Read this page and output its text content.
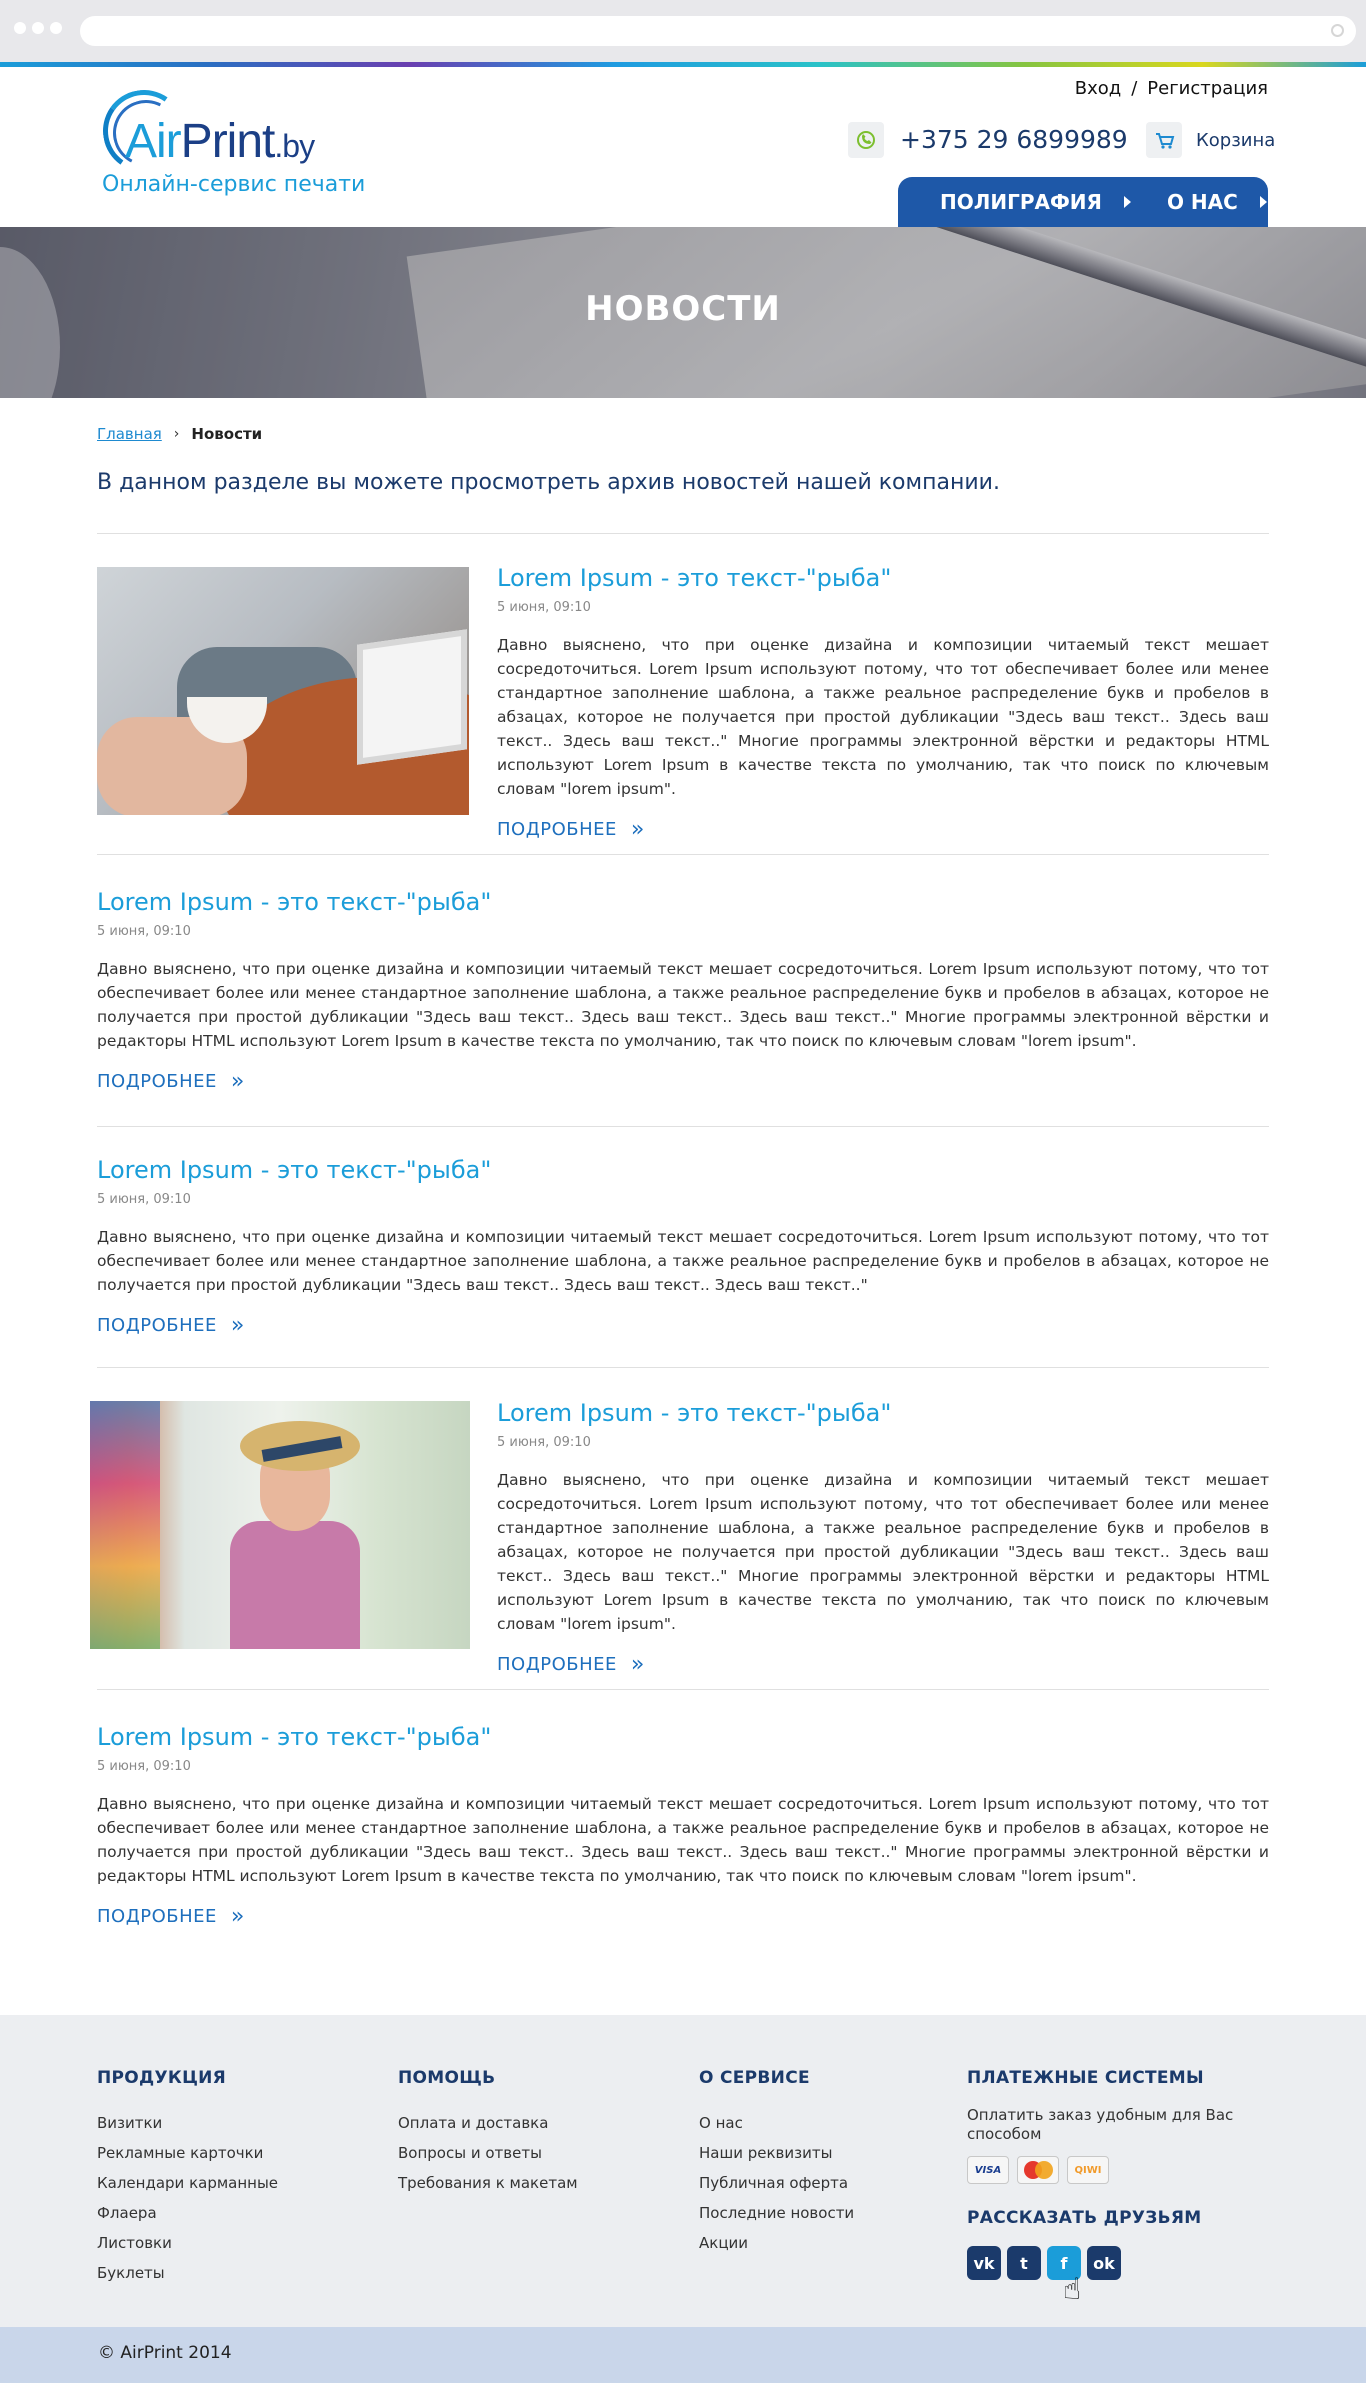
AirPrint.by
Онлайн-сервис печати
Вход / Регистрация
+375 29 6899989	Корзина
ПОЛИГРАФИЯ	О НАС
НОВОСТИ
Главная › Новости
В данном разделе вы можете просмотреть архив новостей нашей компании.
Lorem Ipsum - это текст-"рыба"
5 июня, 09:10
Давно выяснено, что при оценке дизайна и композиции читаемый текст мешает сосредоточиться. Lorem Ipsum используют потому, что тот обеспечивает более или менее стандартное заполнение шаблона, а также реальное распределение букв и пробелов в абзацах, которое не получается при простой дубликации "Здесь ваш текст.. Здесь ваш текст.. Здесь ваш текст.." Многие программы электронной вёрстки и редакторы HTML используют Lorem Ipsum в качестве текста по умолчанию, так что поиск по ключевым словам "lorem ipsum".
ПОДРОБНЕЕ »
Lorem Ipsum - это текст-"рыба"
5 июня, 09:10
Давно выяснено, что при оценке дизайна и композиции читаемый текст мешает сосредоточиться. Lorem Ipsum используют потому, что тот обеспечивает более или менее стандартное заполнение шаблона, а также реальное распределение букв и пробелов в абзацах, которое не получается при простой дубликации "Здесь ваш текст.. Здесь ваш текст.. Здесь ваш текст.." Многие программы электронной вёрстки и редакторы HTML используют Lorem Ipsum в качестве текста по умолчанию, так что поиск по ключевым словам "lorem ipsum".
ПОДРОБНЕЕ »
Lorem Ipsum - это текст-"рыба"
5 июня, 09:10
Давно выяснено, что при оценке дизайна и композиции читаемый текст мешает сосредоточиться. Lorem Ipsum используют потому, что тот обеспечивает более или менее стандартное заполнение шаблона, а также реальное распределение букв и пробелов в абзацах, которое не получается при простой дубликации "Здесь ваш текст.. Здесь ваш текст.. Здесь ваш текст.."
ПОДРОБНЕЕ »
Lorem Ipsum - это текст-"рыба"
5 июня, 09:10
Давно выяснено, что при оценке дизайна и композиции читаемый текст мешает сосредоточиться. Lorem Ipsum используют потому, что тот обеспечивает более или менее стандартное заполнение шаблона, а также реальное распределение букв и пробелов в абзацах, которое не получается при простой дубликации "Здесь ваш текст.. Здесь ваш текст.. Здесь ваш текст.." Многие программы электронной вёрстки и редакторы HTML используют Lorem Ipsum в качестве текста по умолчанию, так что поиск по ключевым словам "lorem ipsum".
ПОДРОБНЕЕ »
Lorem Ipsum - это текст-"рыба"
5 июня, 09:10
Давно выяснено, что при оценке дизайна и композиции читаемый текст мешает сосредоточиться. Lorem Ipsum используют потому, что тот обеспечивает более или менее стандартное заполнение шаблона, а также реальное распределение букв и пробелов в абзацах, которое не получается при простой дубликации "Здесь ваш текст.. Здесь ваш текст.. Здесь ваш текст.." Многие программы электронной вёрстки и редакторы HTML используют Lorem Ipsum в качестве текста по умолчанию, так что поиск по ключевым словам "lorem ipsum".
ПОДРОБНЕЕ »
ПРОДУКЦИЯ
Визитки
Рекламные карточки
Календари карманные
Флаера
Листовки
Буклеты
ПОМОЩЬ
Оплата и доставка
Вопросы и ответы
Требования к макетам
О СЕРВИСЕ
О нас
Наши реквизиты
Публичная оферта
Последние новости
Акции
ПЛАТЕЖНЫЕ СИСТЕМЫ
Оплатить заказ удобным для Вас способом
VISA	QIWI
РАССКАЗАТЬ ДРУЗЬЯМ
vk	t	f	ok
☝
© AirPrint 2014
